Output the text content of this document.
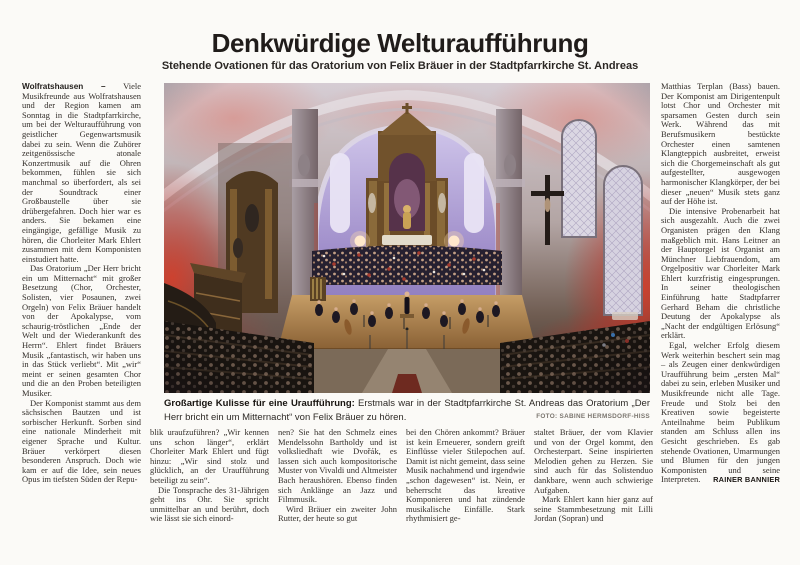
Denkwürdige Welturaufführung
Stehende Ovationen für das Oratorium von Felix Bräuer in der Stadtpfarrkirche St. Andreas

Wolfratshausen – Viele Musikfreunde aus Wolfratshausen und der Region kamen am Sonntag in die Stadtpfarrkirche, um bei der Welturaufführung von geistlicher Gegenwartsmusik dabei zu sein. Wenn die Zuhörer zeitgenössische atonale Konzertmusik auf die Ohren bekommen, fühlen sie sich manchmal so überfordert, als sei der Soundtrack einer Großbaustelle über sie drübergefahren. Doch hier war es anders. Sie bekamen eine eingängige, gefällige Musik zu hören, die Chorleiter Mark Ehlert zusammen mit dem Komponisten einstudiert hatte.

Das Oratorium „Der Herr bricht ein um Mitternacht“ mit großer Besetzung (Chor, Orchester, Solisten, vier Posaunen, zwei Orgeln) von Felix Bräuer handelt von der Apokalypse, vom schaurig-tröstlichen „Ende der Welt und der Wiederankunft des Herrn“. Ehlert findet Bräuers Musik „fantastisch, wir haben uns in das Stück verliebt“. Mit „wir“ meint er seinen gesamten Chor und die an den Proben beteiligten Musiker.

Der Komponist stammt aus dem sächsischen Bautzen und ist sorbischer Herkunft. Sorben sind eine nationale Minderheit mit eigener Sprache und Kultur. Bräuer verkörpert diesen besonderen Anspruch. Doch wie kam er auf die Idee, sein neues Opus im tiefsten Süden der Repu-

Großartige Kulisse für eine Uraufführung: Erstmals war in der Stadtpfarrkirche St. Andreas das Oratorium „Der Herr bricht ein um Mitternacht“ von Felix Bräuer zu hören.	FOTO: SABINE HERMSDORF-HISS

blik uraufzuführen? „Wir kennen uns schon länger“, erklärt Chorleiter Mark Ehlert und fügt hinzu: „Wir sind stolz und glücklich, an der Uraufführung beteiligt zu sein“.

Die Tonsprache des 31-Jährigen geht ins Ohr. Sie spricht unmittelbar an und berührt, doch wie lässt sie sich einord-

nen? Sie hat den Schmelz eines Mendelssohn Bartholdy und ist volksliedhaft wie Dvořák, es lassen sich auch kompositorische Muster von Vivaldi und Altmeister Bach heraushören. Ebenso finden sich Anklänge an Jazz und Filmmusik.

Wird Bräuer ein zweiter John Rutter, der heute so gut

bei den Chören ankommt? Bräuer ist kein Erneuerer, sondern greift Einflüsse vieler Stilepochen auf. Damit ist nicht gemeint, dass seine Musik nachahmend und irgendwie „schon dagewesen“ ist. Nein, er beherrscht das kreative Komponieren und hat zündende musikalische Einfälle. Stark rhythmisiert ge-

staltet Bräuer, der vom Klavier und von der Orgel kommt, den Orchesterpart. Seine inspirierten Melodien gehen zu Herzen. Sie sind auch für das Solistenduo dankbare, wenn auch schwierige Aufgaben.

Mark Ehlert kann hier ganz auf seine Stammbesetzung mit Lilli Jordan (Sopran) und

Matthias Terplan (Bass) bauen. Der Komponist am Dirigentenpult lotst Chor und Orchester mit sparsamen Gesten durch sein Werk. Während das mit Berufsmusikern bestückte Orchester einen samtenen Klangteppich ausbreitet, erweist sich die Chorgemeinschaft als gut aufgestellter, ausgewogen harmonischer Klangkörper, der bei dieser „neuen“ Musik stets ganz auf der Höhe ist.

Die intensive Probenarbeit hat sich ausgezahlt. Auch die zwei Organisten prägen den Klang maßgeblich mit. Hans Leitner an der Hauptorgel ist Organist am Münchner Liebfrauendom, am Orgelpositiv war Chorleiter Mark Ehlert kurzfristig eingesprungen. In seiner theologischen Einführung hatte Stadtpfarrer Gerhard Beham die christliche Deutung der Apokalypse als „Nacht der endgültigen Erlösung“ erklärt.

Egal, welcher Erfolg diesem Werk weiterhin beschert sein mag – als Zeugen einer denkwürdigen Uraufführung beim „ersten Mal“ dabei zu sein, erleben Musiker und Musikfreunde nicht alle Tage. Freude und Stolz bei den Kreativen sowie begeisterte Anteilnahme beim Publikum standen am Schluss allen ins Gesicht geschrieben. Es gab stehende Ovationen, Umarmungen und Blumen für den jungen Komponisten und seine Interpreten.	RAINER BANNIER
